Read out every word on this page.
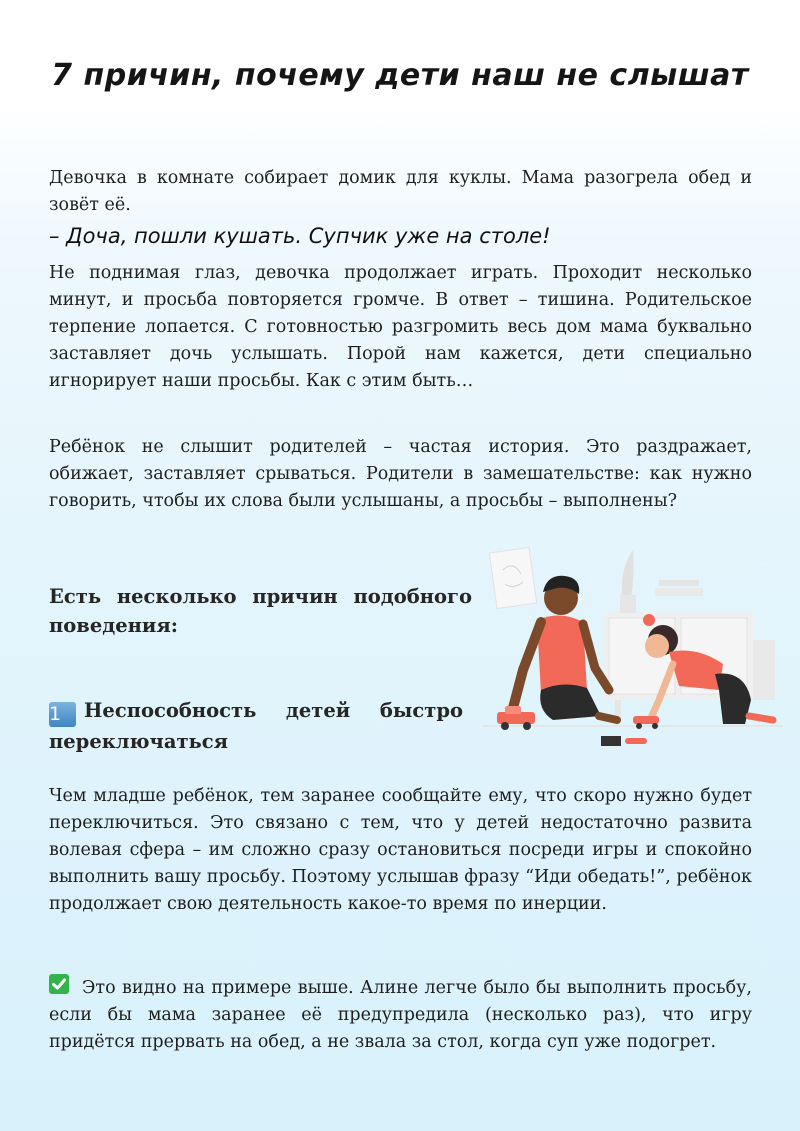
7 причин, почему дети наш не слышат

Девочка в комнате собирает домик для куклы. Мама разогрела обед и зовёт её.

– Доча, пошли кушать. Супчик уже на столе!

Не поднимая глаз, девочка продолжает играть. Проходит несколько минут, и просьба повторяется громче. В ответ – тишина. Родительское терпение лопается. С готовностью разгромить весь дом мама буквально заставляет дочь услышать. Порой нам кажется, дети специально игнорирует наши просьбы. Как с этим быть…

Ребёнок не слышит родителей – частая история. Это раздражает, обижает, заставляет срываться. Родители в замешательстве: как нужно говорить, чтобы их слова были услышаны, а просьбы – выполнены?

Есть несколько причин подобного поведения:

1 Неспособность детей быстро переключаться

Чем младше ребёнок, тем заранее сообщайте ему, что скоро нужно будет переключиться. Это связано с тем, что у детей недостаточно развита волевая сфера – им сложно сразу остановиться посреди игры и спокойно выполнить вашу просьбу. Поэтому услышав фразу “Иди обедать!”, ребёнок продолжает свою деятельность какое-то время по инерции.

Это видно на примере выше. Алине легче было бы выполнить просьбу, если бы мама заранее её предупредила (несколько раз), что игру придётся прервать на обед, а не звала за стол, когда суп уже подогрет.
